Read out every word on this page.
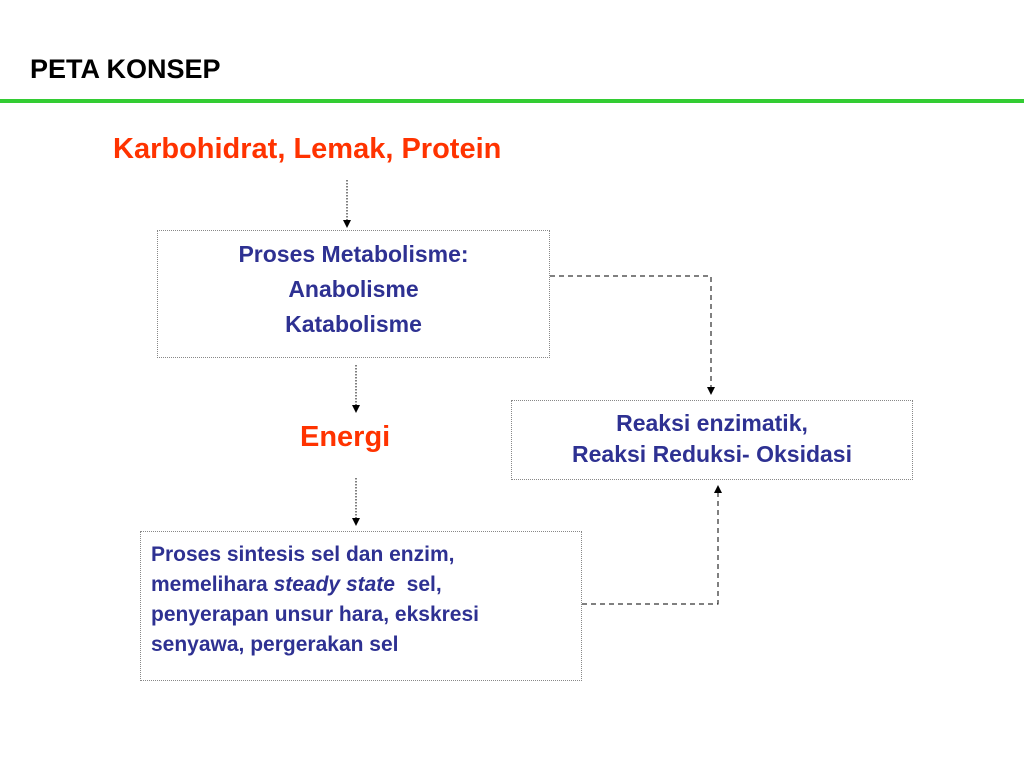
PETA KONSEP
Karbohidrat, Lemak, Protein
Proses Metabolisme:
Anabolisme
Katabolisme
Energi	Reaksi enzimatik,
Reaksi Reduksi- Oksidasi
Proses sintesis sel dan enzim,
memelihara steady state  sel,
penyerapan unsur hara, ekskresi
senyawa, pergerakan sel
